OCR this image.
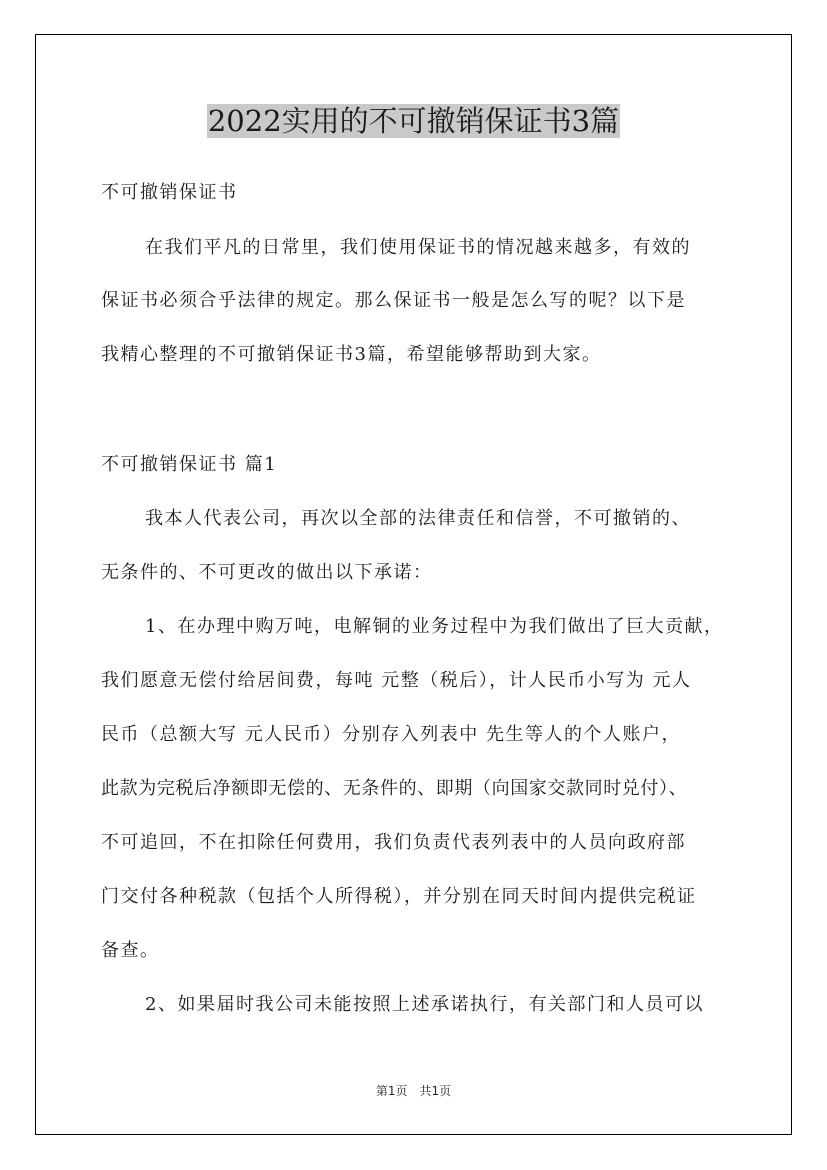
2022实用的不可撤销保证书3篇
不可撤销保证书
在我们平凡的日常里，我们使用保证书的情况越来越多，有效的
保证书必须合乎法律的规定。那么保证书一般是怎么写的呢？以下是
我精心整理的不可撤销保证书3篇，希望能够帮助到大家。
不可撤销保证书 篇1
我本人代表公司，再次以全部的法律责任和信誉，不可撤销的、
无条件的、不可更改的做出以下承诺：
1、在办理中购万吨，电解铜的业务过程中为我们做出了巨大贡献，
我们愿意无偿付给居间费，每吨 元整（税后），计人民币小写为 元人
民币（总额大写 元人民币）分别存入列表中 先生等人的个人账户，
此款为完税后净额即无偿的、无条件的、即期（向国家交款同时兑付）、
不可追回，不在扣除任何费用，我们负责代表列表中的人员向政府部
门交付各种税款（包括个人所得税），并分别在同天时间内提供完税证
备查。
2、如果届时我公司未能按照上述承诺执行，有关部门和人员可以
第1页 共1页
